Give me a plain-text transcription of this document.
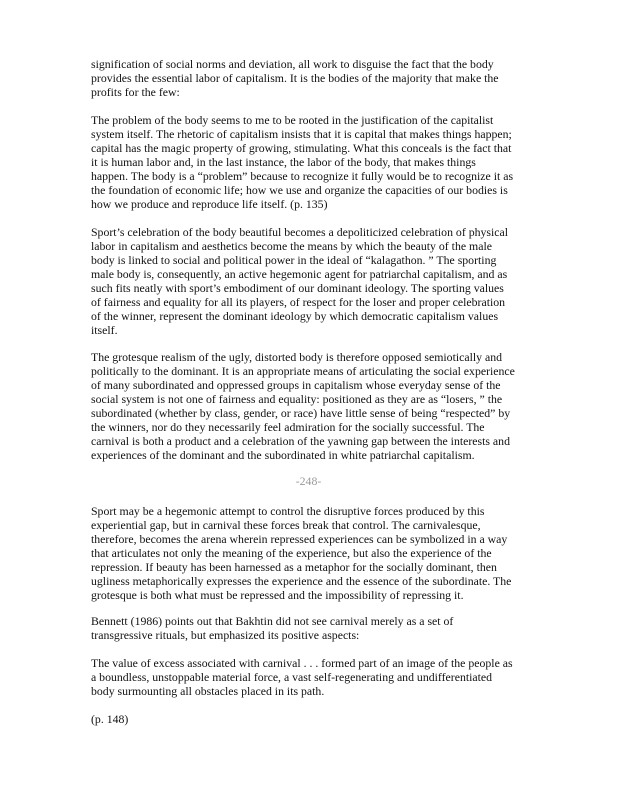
signification of social norms and deviation, all work to disguise the fact that the body
provides the essential labor of capitalism. It is the bodies of the majority that make the
profits for the few:
The problem of the body seems to me to be rooted in the justification of the capitalist
system itself. The rhetoric of capitalism insists that it is capital that makes things happen;
capital has the magic property of growing, stimulating. What this conceals is the fact that
it is human labor and, in the last instance, the labor of the body, that makes things
happen. The body is a “problem” because to recognize it fully would be to recognize it as
the foundation of economic life; how we use and organize the capacities of our bodies is
how we produce and reproduce life itself. (p. 135)
Sport’s celebration of the body beautiful becomes a depoliticized celebration of physical
labor in capitalism and aesthetics become the means by which the beauty of the male
body is linked to social and political power in the ideal of “kalagathon. ” The sporting
male body is, consequently, an active hegemonic agent for patriarchal capitalism, and as
such fits neatly with sport’s embodiment of our dominant ideology. The sporting values
of fairness and equality for all its players, of respect for the loser and proper celebration
of the winner, represent the dominant ideology by which democratic capitalism values
itself.
The grotesque realism of the ugly, distorted body is therefore opposed semiotically and
politically to the dominant. It is an appropriate means of articulating the social experience
of many subordinated and oppressed groups in capitalism whose everyday sense of the
social system is not one of fairness and equality: positioned as they are as “losers, ” the
subordinated (whether by class, gender, or race) have little sense of being “respected” by
the winners, nor do they necessarily feel admiration for the socially successful. The
carnival is both a product and a celebration of the yawning gap between the interests and
experiences of the dominant and the subordinated in white patriarchal capitalism.
-248-
Sport may be a hegemonic attempt to control the disruptive forces produced by this
experiential gap, but in carnival these forces break that control. The carnivalesque,
therefore, becomes the arena wherein repressed experiences can be symbolized in a way
that articulates not only the meaning of the experience, but also the experience of the
repression. If beauty has been harnessed as a metaphor for the socially dominant, then
ugliness metaphorically expresses the experience and the essence of the subordinate. The
grotesque is both what must be repressed and the impossibility of repressing it.
Bennett (1986) points out that Bakhtin did not see carnival merely as a set of
transgressive rituals, but emphasized its positive aspects:
The value of excess associated with carnival . . . formed part of an image of the people as
a boundless, unstoppable material force, a vast self-regenerating and undifferentiated
body surmounting all obstacles placed in its path.
(p. 148)
